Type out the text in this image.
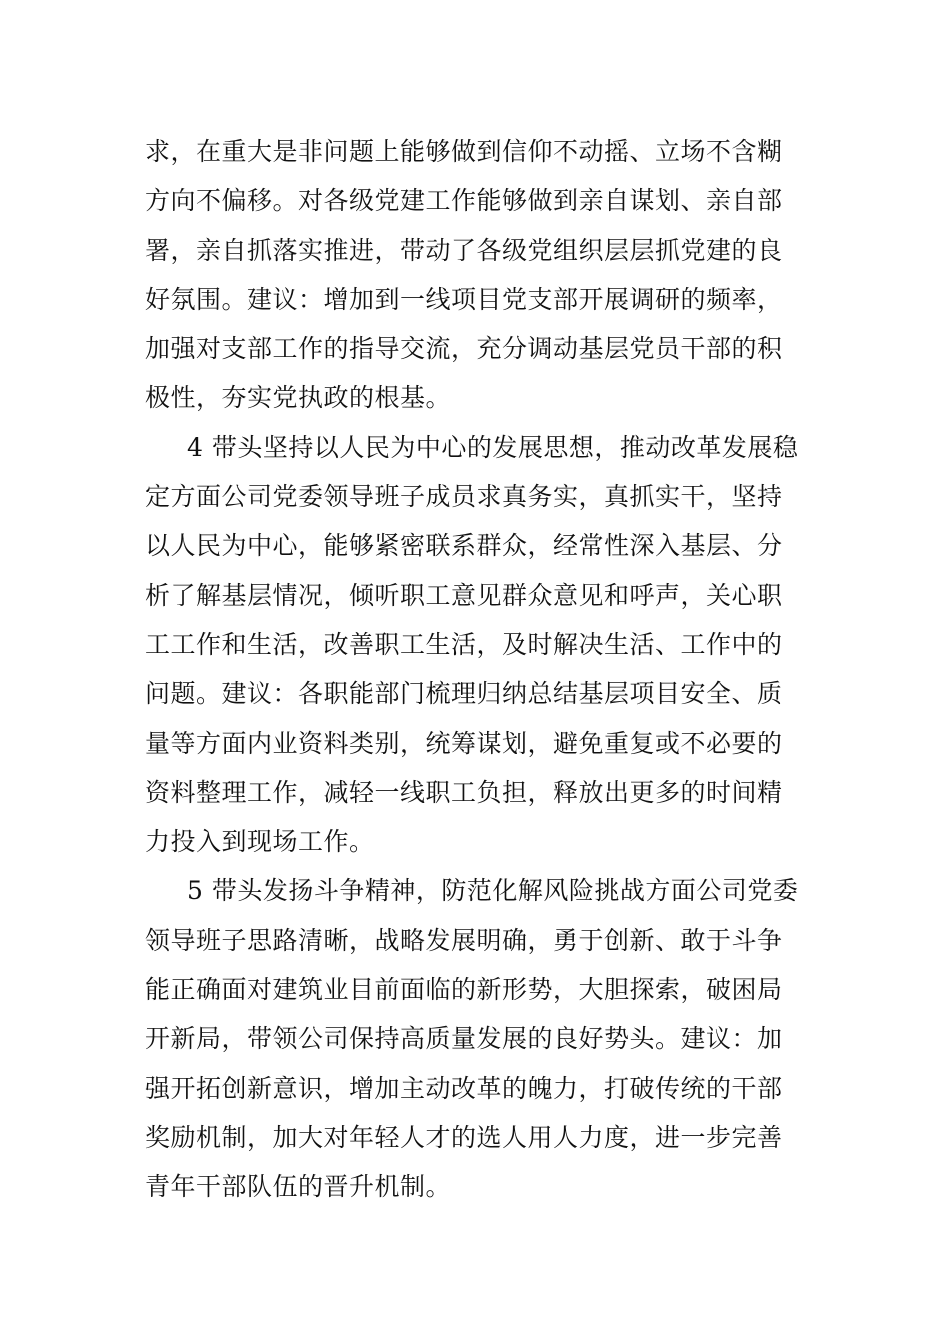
求，在重大是非问题上能够做到信仰不动摇、立场不含糊
方向不偏移。对各级党建工作能够做到亲自谋划、亲自部
署，亲自抓落实推进，带动了各级党组织层层抓党建的良
好氛围。建议：增加到一线项目党支部开展调研的频率，
加强对支部工作的指导交流，充分调动基层党员干部的积
极性，夯实党执政的根基。
4 带头坚持以人民为中心的发展思想，推动改革发展稳
定方面公司党委领导班子成员求真务实，真抓实干，坚持
以人民为中心，能够紧密联系群众，经常性深入基层、分
析了解基层情况，倾听职工意见群众意见和呼声，关心职
工工作和生活，改善职工生活，及时解决生活、工作中的
问题。建议：各职能部门梳理归纳总结基层项目安全、质
量等方面内业资料类别，统筹谋划，避免重复或不必要的
资料整理工作，减轻一线职工负担，释放出更多的时间精
力投入到现场工作。
5 带头发扬斗争精神，防范化解风险挑战方面公司党委
领导班子思路清晰，战略发展明确，勇于创新、敢于斗争
能正确面对建筑业目前面临的新形势，大胆探索，破困局
开新局，带领公司保持高质量发展的良好势头。建议：加
强开拓创新意识，增加主动改革的魄力，打破传统的干部
奖励机制，加大对年轻人才的选人用人力度，进一步完善
青年干部队伍的晋升机制。
